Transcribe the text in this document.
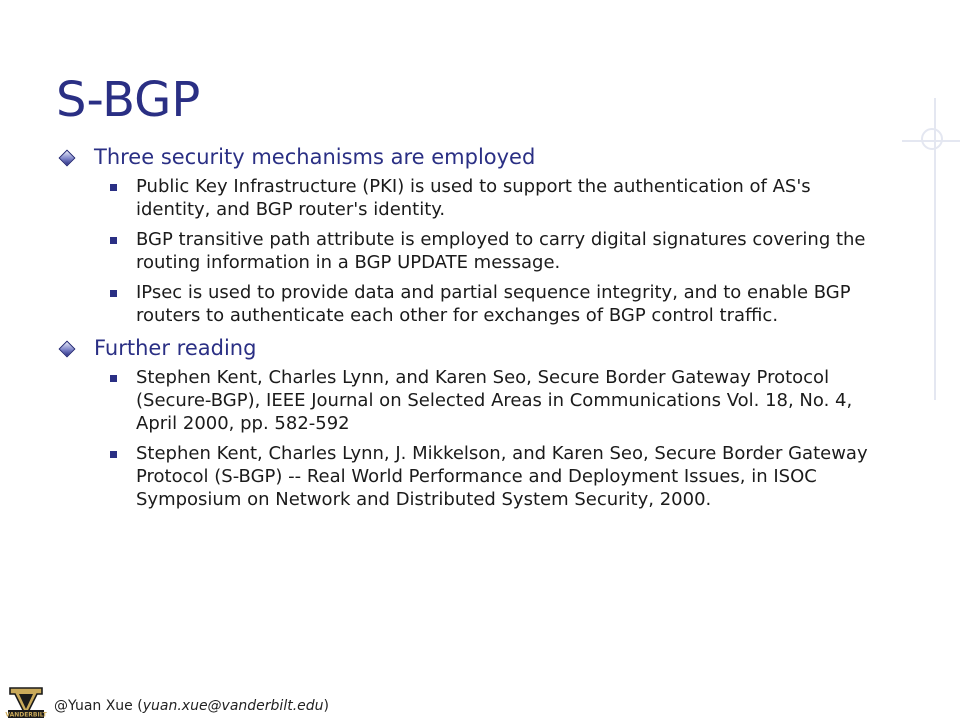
S-BGP
Three security mechanisms are employed
Public Key Infrastructure (PKI) is used to support the authentication of AS's identity, and BGP router's identity.
BGP transitive path attribute is employed to carry digital signatures covering the routing information in a BGP UPDATE message.
IPsec is used to provide data and partial sequence integrity, and to enable BGP routers to authenticate each other for exchanges of BGP control traffic.
Further reading
Stephen Kent, Charles Lynn, and Karen Seo, Secure Border Gateway Protocol (Secure-BGP), IEEE Journal on Selected Areas in Communications Vol. 18, No. 4, April 2000, pp. 582-592
Stephen Kent, Charles Lynn, J. Mikkelson, and Karen Seo, Secure Border Gateway Protocol (S-BGP) -- Real World Performance and Deployment Issues, in ISOC Symposium on Network and Distributed System Security, 2000.
VANDERBILT
@Yuan Xue (yuan.xue@vanderbilt.edu)
